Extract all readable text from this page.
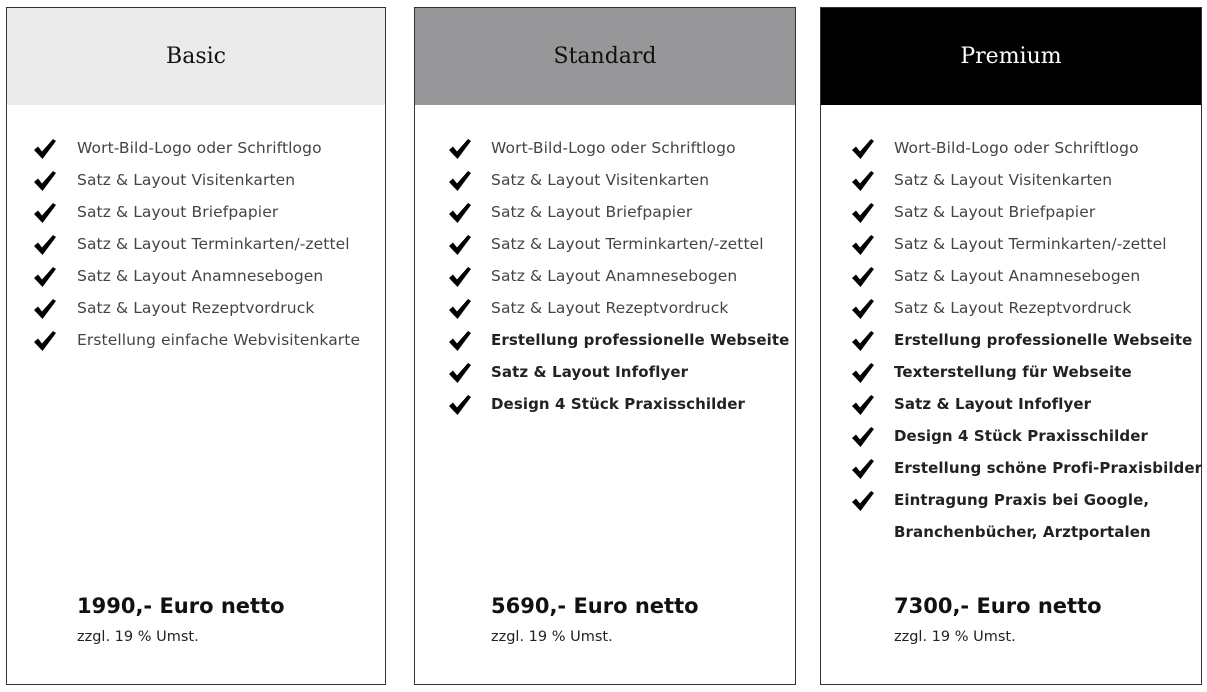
Basic
Wort-Bild-Logo oder Schriftlogo
Satz & Layout Visitenkarten
Satz & Layout Briefpapier
Satz & Layout Terminkarten/-zettel
Satz & Layout Anamnesebogen
Satz & Layout Rezeptvordruck
Erstellung einfache Webvisitenkarte
1990,- Euro netto
zzgl. 19 % Umst.
Standard
Wort-Bild-Logo oder Schriftlogo
Satz & Layout Visitenkarten
Satz & Layout Briefpapier
Satz & Layout Terminkarten/-zettel
Satz & Layout Anamnesebogen
Satz & Layout Rezeptvordruck
Erstellung professionelle Webseite
Satz & Layout Infoflyer
Design 4 Stück Praxisschilder
5690,- Euro netto
zzgl. 19 % Umst.
Premium
Wort-Bild-Logo oder Schriftlogo
Satz & Layout Visitenkarten
Satz & Layout Briefpapier
Satz & Layout Terminkarten/-zettel
Satz & Layout Anamnesebogen
Satz & Layout Rezeptvordruck
Erstellung professionelle Webseite
Texterstellung für Webseite
Satz & Layout Infoflyer
Design 4 Stück Praxisschilder
Erstellung schöne Profi-Praxisbilder
Eintragung Praxis bei Google,
Branchenbücher, Arztportalen
7300,- Euro netto
zzgl. 19 % Umst.
